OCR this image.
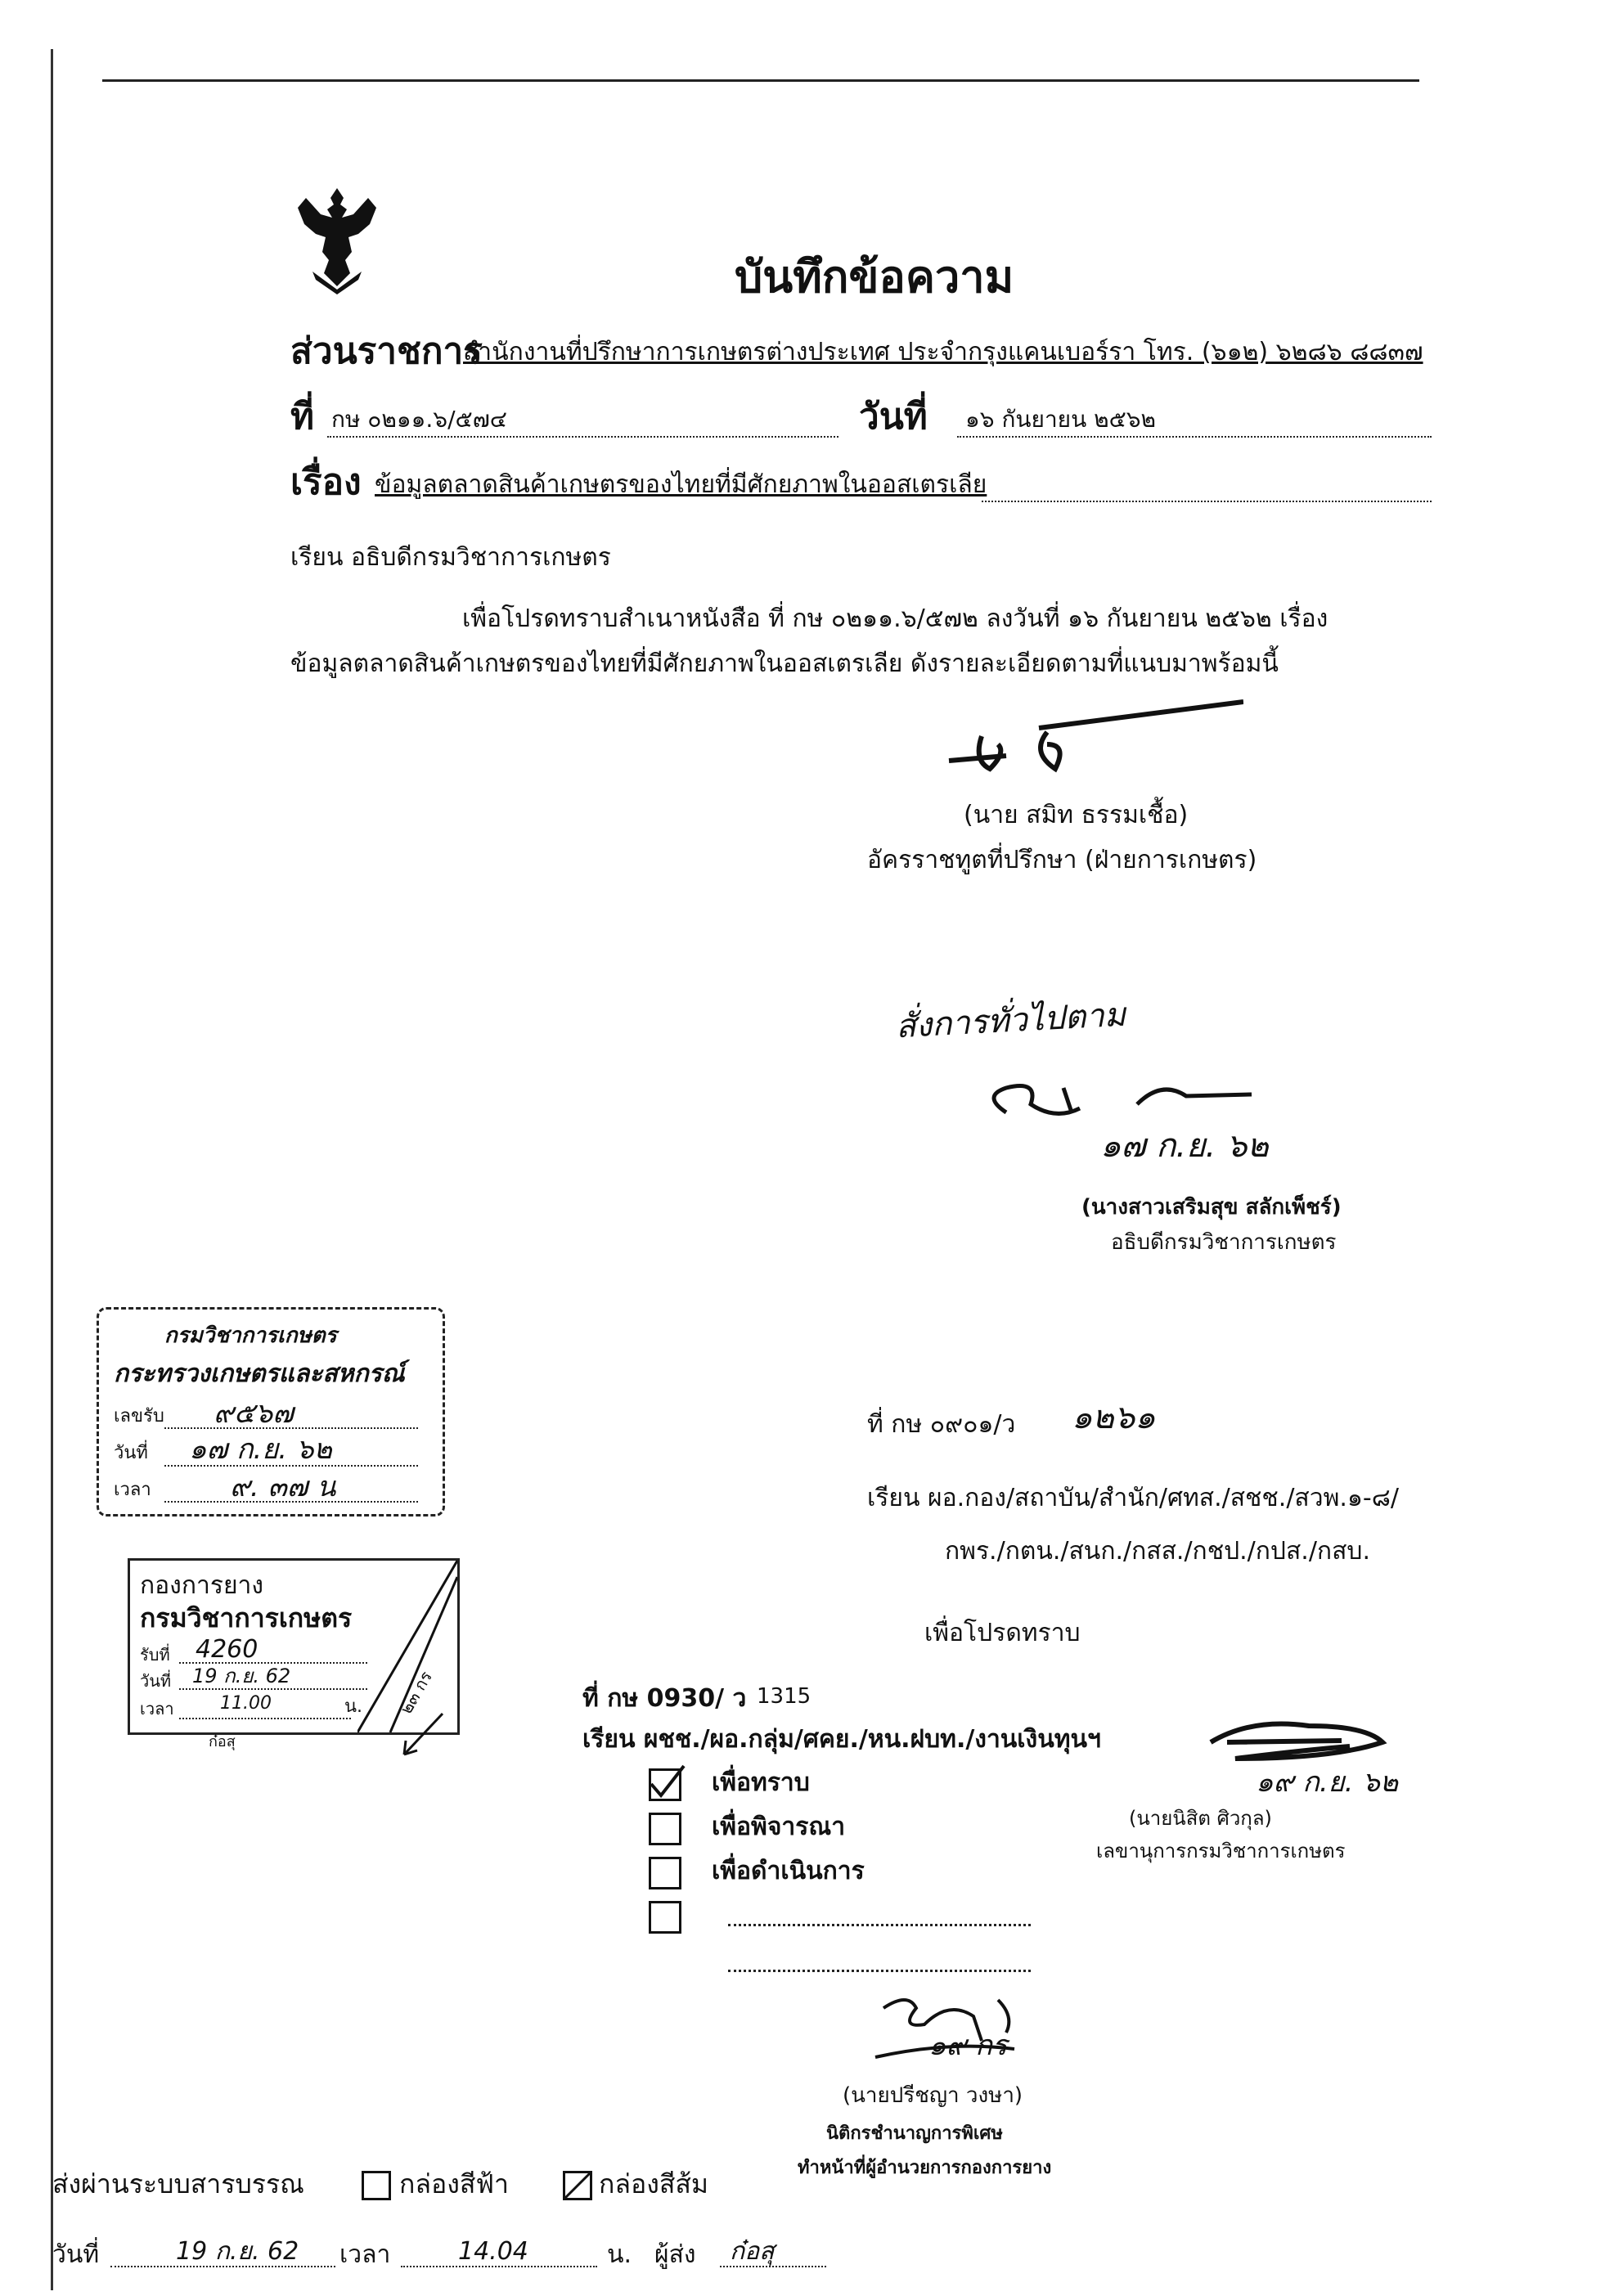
บันทึกข้อความ
ส่วนราชการ
สำนักงานที่ปรึกษาการเกษตรต่างประเทศ ประจำกรุงแคนเบอร์รา โทร. (๖๑๒) ๖๒๘๖ ๘๘๓๗
ที่ กษ ๐๒๑๑.๖/๕๗๔	วันที่ ๑๖ กันยายน ๒๕๖๒
เรื่อง ข้อมูลตลาดสินค้าเกษตรของไทยที่มีศักยภาพในออสเตรเลีย
เรียน อธิบดีกรมวิชาการเกษตร
เพื่อโปรดทราบสำเนาหนังสือ ที่ กษ ๐๒๑๑.๖/๕๗๒ ลงวันที่ ๑๖ กันยายน ๒๕๖๒ เรื่อง
ข้อมูลตลาดสินค้าเกษตรของไทยที่มีศักยภาพในออสเตรเลีย ดังรายละเอียดตามที่แนบมาพร้อมนี้
(นาย สมิท ธรรมเชื้อ)
อัครราชทูตที่ปรึกษา (ฝ่ายการเกษตร)
สั่งการทั่วไปตาม
๑๗ ก.ย. ๖๒
(นางสาวเสริมสุข สลักเพ็ชร์)
อธิบดีกรมวิชาการเกษตร
กรมวิชาการเกษตร
กระทรวงเกษตรและสหกรณ์
เลขรับ ๙๕๖๗
วันที่ ๑๗ ก.ย. ๖๒
เวลา	๙. ๓๗ น
ที่ กษ ๐๙๐๑/ว ๑๒๖๑
เรียน ผอ.กอง/สถาบัน/สำนัก/ศทส./สชช./สวพ.๑-๘/
กพร./กตน./สนก./กสส./กชป./กปส./กสบ.
เพื่อโปรดทราบ
๑๙ ก.ย. ๖๒
(นายนิสิต ศิวกุล)
เลขานุการกรมวิชาการเกษตร
กองการยาง
กรมวิชาการเกษตร
รับที่ 4260
วันที่ 19 ก.ย. 62
เวลา	11.00	น. ๒๓ กร
ก๋อสุ
ที่ กษ 0930/ ว 1315
เรียน ผชช./ผอ.กลุ่ม/ศคย./หน.ฝบท./งานเงินทุนฯ
เพื่อทราบ
เพื่อพิจารณา
เพื่อดำเนินการ
๑๙ กร
(นายปรีชญา วงษา)
นิติกรชำนาญการพิเศษ
ทำหน้าที่ผู้อำนวยการกองการยาง
ส่งผ่านระบบสารบรรณ	กล่องสีฟ้า	กล่องสีส้ม
วันที่	19 ก.ย. 62 เวลา	14.04	น. ผู้ส่ง ก๋อสุ
